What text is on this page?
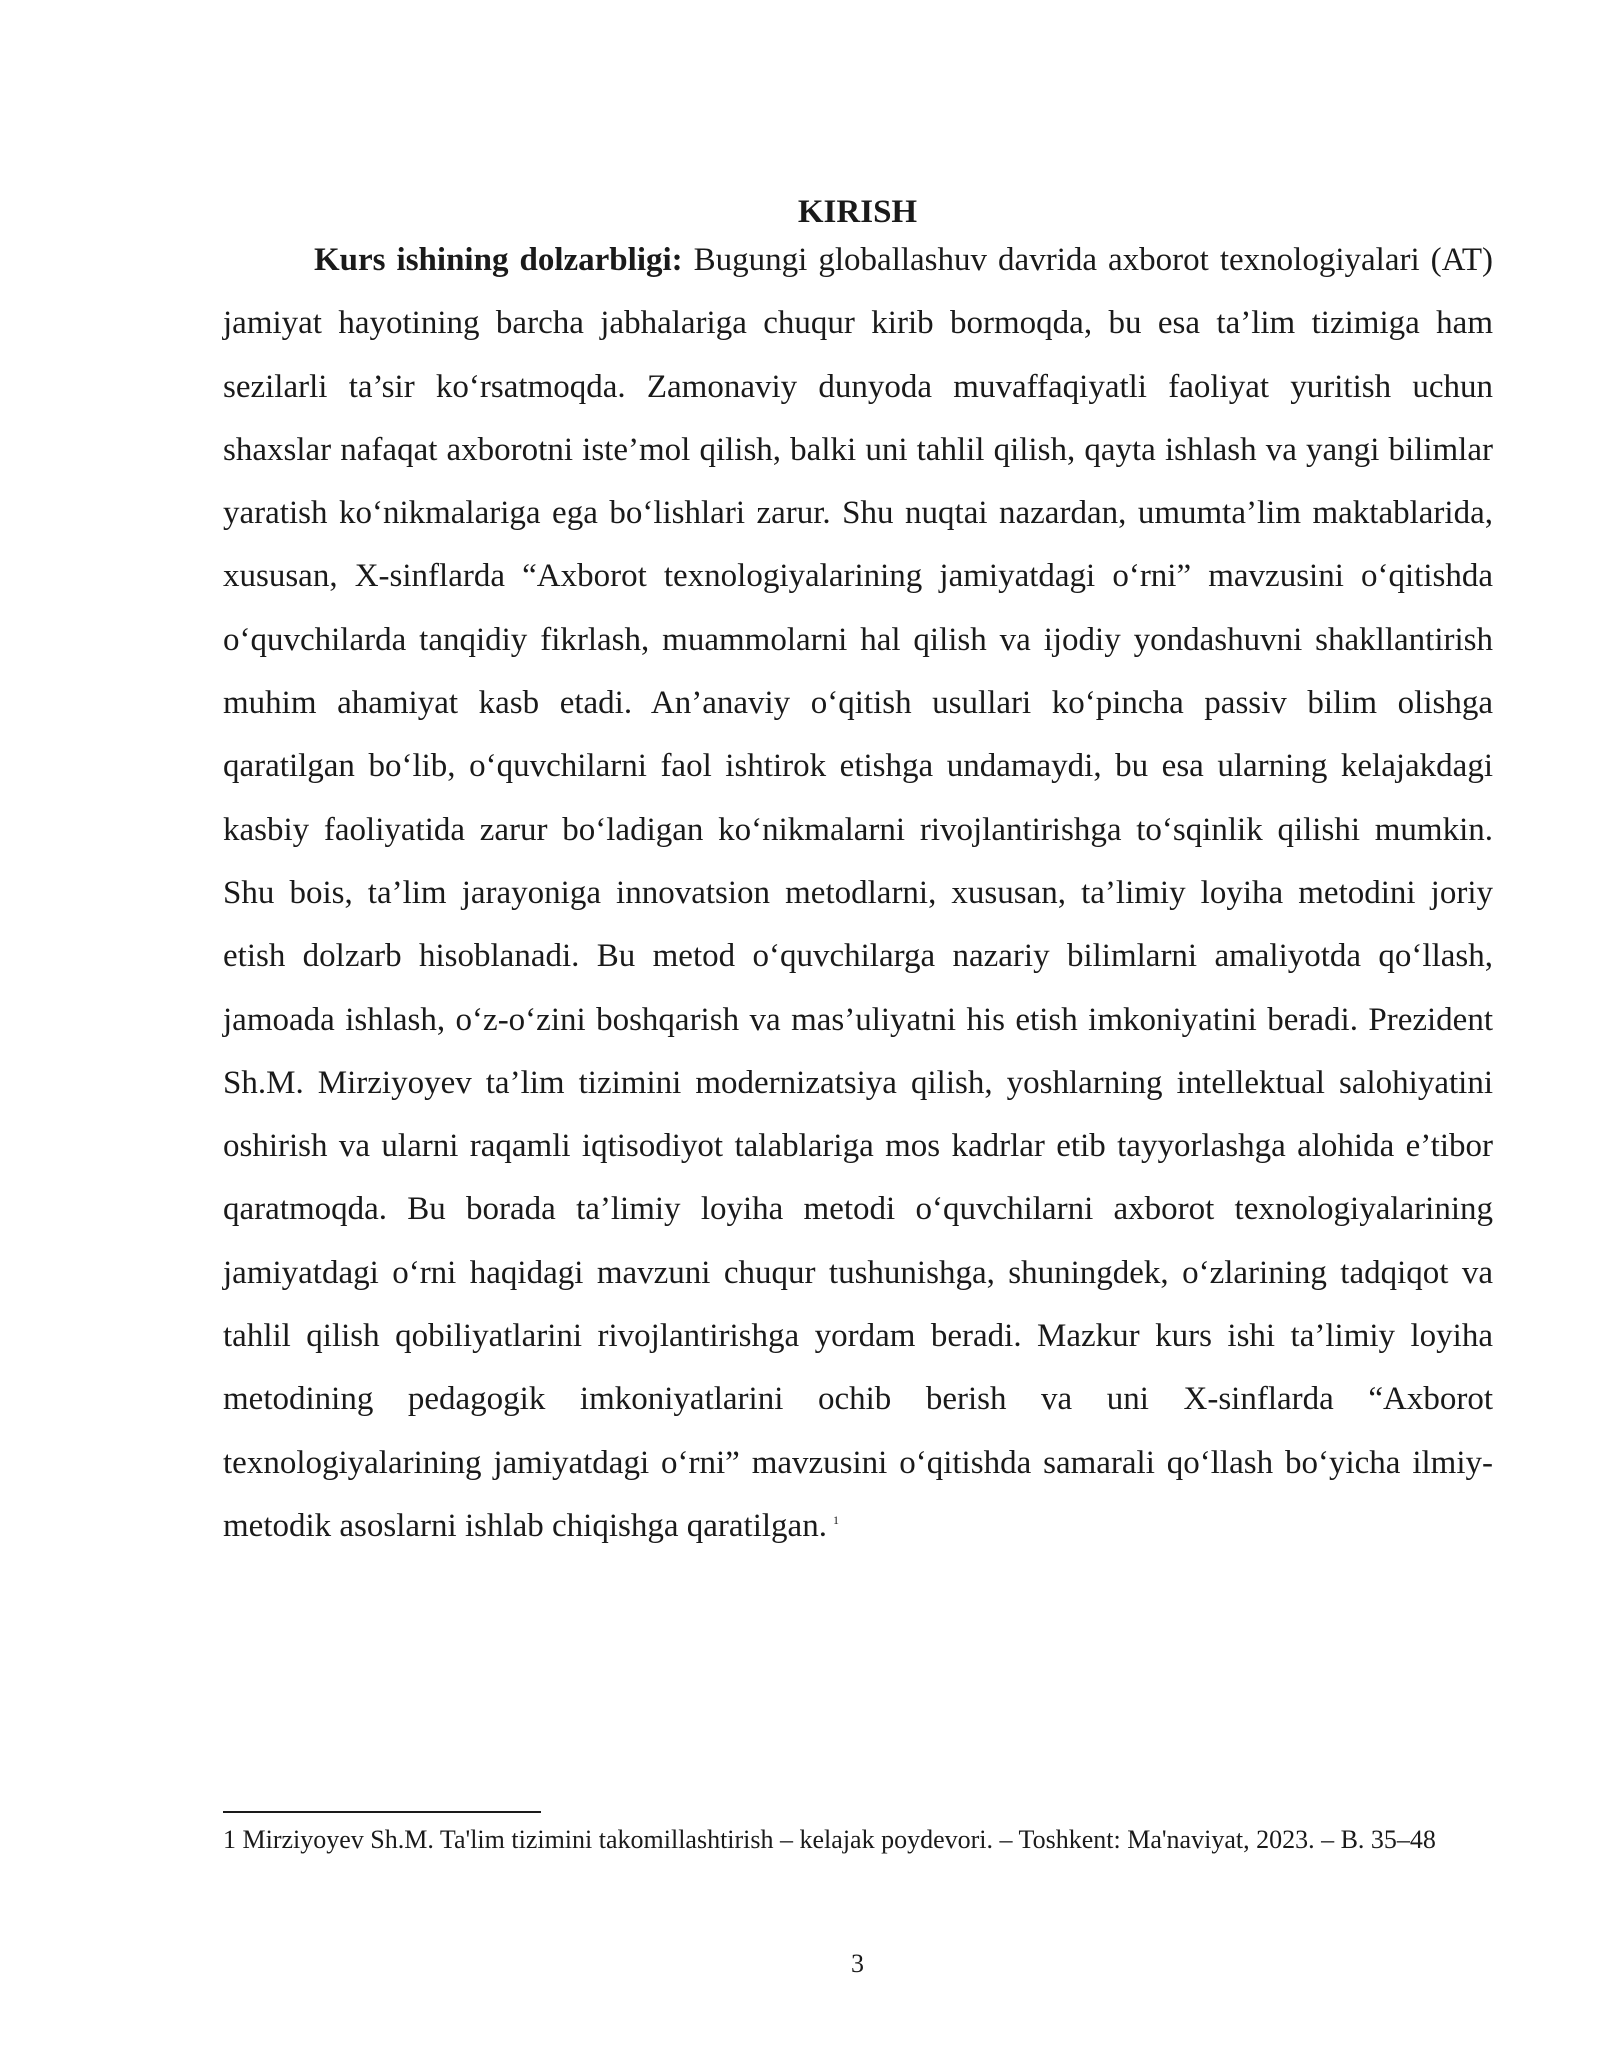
KIRISH

Kurs ishining dolzarbligi: Bugungi globallashuv davrida axborot texnologiyalari (AT) jamiyat hayotining barcha jabhalariga chuqur kirib bormoqda, bu esa ta’lim tizimiga ham sezilarli ta’sir ko‘rsatmoqda. Zamonaviy dunyoda muvaffaqiyatli faoliyat yuritish uchun shaxslar nafaqat axborotni iste’mol qilish, balki uni tahlil qilish, qayta ishlash va yangi bilimlar yaratish ko‘nikmalariga ega bo‘lishlari zarur. Shu nuqtai nazardan, umumta’lim maktablarida, xususan, X-sinflarda “Axborot texnologiyalarining jamiyatdagi o‘rni” mavzusini o‘qitishda o‘quvchilarda tanqidiy fikrlash, muammolarni hal qilish va ijodiy yondashuvni shakllantirish muhim ahamiyat kasb etadi. An’anaviy o‘qitish usullari ko‘pincha passiv bilim olishga qaratilgan bo‘lib, o‘quvchilarni faol ishtirok etishga undamaydi, bu esa ularning kelajakdagi kasbiy faoliyatida zarur bo‘ladigan ko‘nikmalarni rivojlantirishga to‘sqinlik qilishi mumkin. Shu bois, ta’lim jarayoniga innovatsion metodlarni, xususan, ta’limiy loyiha metodini joriy etish dolzarb hisoblanadi. Bu metod o‘quvchilarga nazariy bilimlarni amaliyotda qo‘llash, jamoada ishlash, o‘z-o‘zini boshqarish va mas’uliyatni his etish imkoniyatini beradi. Prezident Sh.M. Mirziyoyev ta’lim tizimini modernizatsiya qilish, yoshlarning intellektual salohiyatini oshirish va ularni raqamli iqtisodiyot talablariga mos kadrlar etib tayyorlashga alohida e’tibor qaratmoqda. Bu borada ta’limiy loyiha metodi o‘quvchilarni axborot texnologiyalarining jamiyatdagi o‘rni haqidagi mavzuni chuqur tushunishga, shuningdek, o‘zlarining tadqiqot va tahlil qilish qobiliyatlarini rivojlantirishga yordam beradi. Mazkur kurs ishi ta’limiy loyiha metodining pedagogik imkoniyatlarini ochib berish va uni X-sinflarda “Axborot texnologiyalarining jamiyatdagi o‘rni” mavzusini o‘qitishda samarali qo‘llash bo‘yicha ilmiy-metodik asoslarni ishlab chiqishga qaratilgan. $^1$

1 Mirziyoyev Sh.M. Ta'lim tizimini takomillashtirish – kelajak poydevori. – Toshkent: Ma'naviyat, 2023. – B. 35–48

3
